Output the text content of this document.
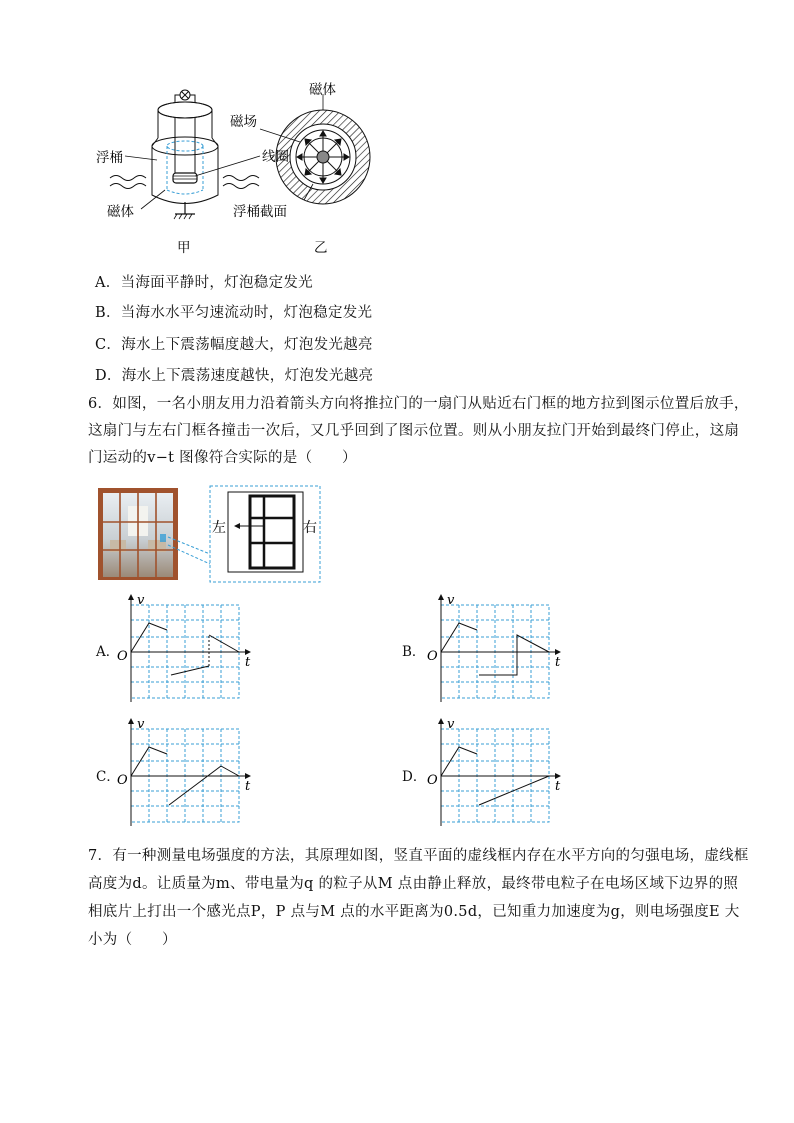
浮桶
磁体
甲
磁体
磁场
线圈
浮桶截面
乙
A．当海面平静时，灯泡稳定发光
B．当海水水平匀速流动时，灯泡稳定发光
C．海水上下震荡幅度越大，灯泡发光越亮
D．海水上下震荡速度越快，灯泡发光越亮
6．如图，一名小朋友用力沿着箭头方向将推拉门的一扇门从贴近右门框的地方拉到图示位置后放手，
这扇门与左右门框各撞击一次后，又几乎回到了图示位置。则从小朋友拉门开始到最终门停止，这扇
门运动的v−t 图像符合实际的是（　　）
左	右
A．
v
t
O	B．
v
t
O
C．
v
t
O	D．
v
t
O
7．有一种测量电场强度的方法，其原理如图，竖直平面的虚线框内存在水平方向的匀强电场，虚线框
高度为d。让质量为m、带电量为q 的粒子从M 点由静止释放，最终带电粒子在电场区域下边界的照
相底片上打出一个感光点P，P 点与M 点的水平距离为0.5d，已知重力加速度为g，则电场强度E 大
小为（　　）
